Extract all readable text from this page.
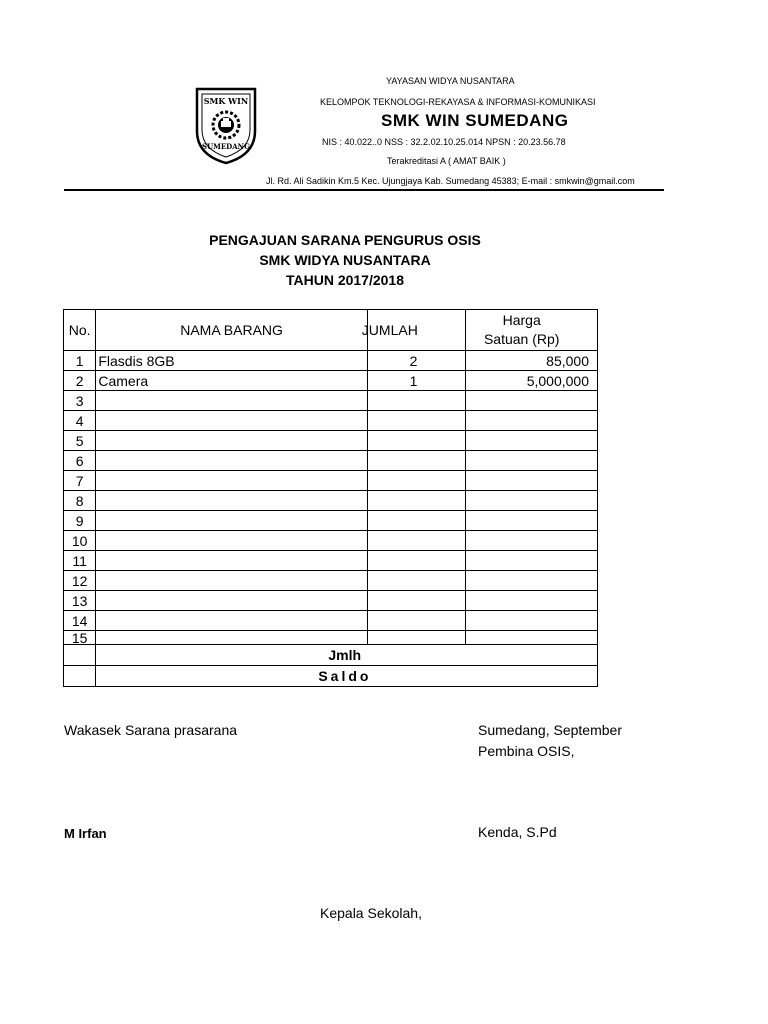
SMK WIN
SUMEDANG
YAYASAN WIDYA NUSANTARA
KELOMPOK TEKNOLOGI-REKAYASA & INFORMASI-KOMUNIKASI
SMK WIN SUMEDANG
NIS : 40.022..0 NSS : 32.2.02.10.25.014 NPSN : 20.23.56.78
Terakreditasi A ( AMAT BAIK )
Jl. Rd. Ali Sadikin Km.5 Kec. Ujungjaya Kab. Sumedang 45383; E-mail : smkwin@gmail.com
PENGAJUAN SARANA PENGURUS OSIS
SMK WIDYA NUSANTARA
TAHUN 2017/2018
No.	NAMA BARANG	JUMLAH	Harga
Satuan (Rp)

1	Flasdis 8GB	2	85,000
2	Camera	1	5,000,000
3			
4			
5			
6			
7			
8			
9			
10			
11			
12			
13			
14			
15			
	Jmlh		
	Saldo		
Wakasek Sarana prasarana	Sumedang, September
Pembina OSIS,
M Irfan	Kenda, S.Pd
Kepala Sekolah,
